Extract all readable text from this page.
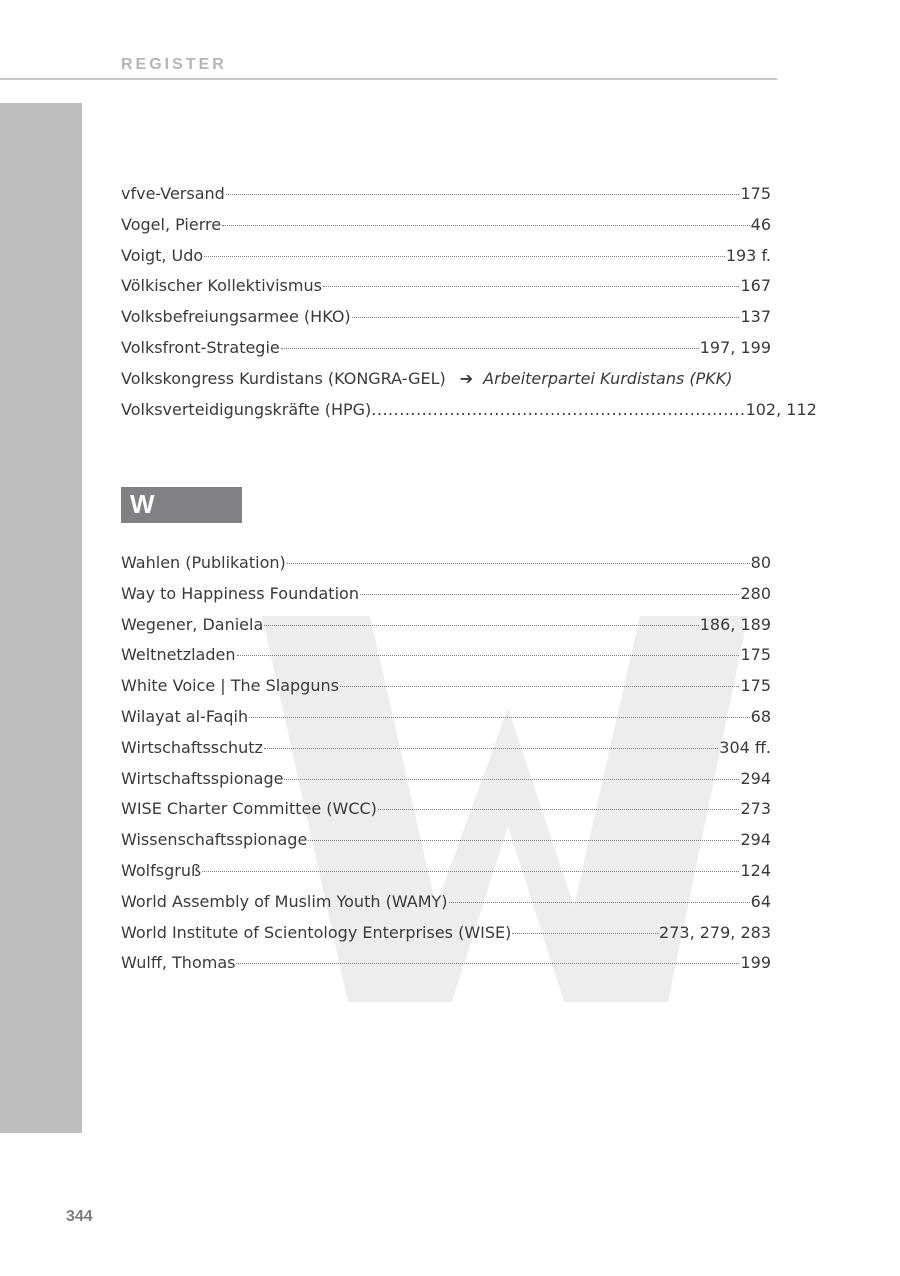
REGISTER
vfve-Versand	175
Vogel, Pierre	46
Voigt, Udo	193 f.
Völkischer Kollektivismus	167
Volksbefreiungsarmee (HKO)	137
Volksfront-Strategie	197, 199
Volkskongress Kurdistans (KONGRA-GEL) ➔ Arbeiterpartei Kurdistans (PKK)
Volksverteidigungskräfte (HPG) ................................................................... 102, 112
W
Wahlen (Publikation)	80
Way to Happiness Foundation	280
Wegener, Daniela	186, 189
Weltnetzladen	175
White Voice | The Slapguns	175
Wilayat al-Faqih	68
Wirtschaftsschutz	304 ff.
Wirtschaftsspionage	294
WISE Charter Committee (WCC)	273
Wissenschaftsspionage	294
Wolfsgruß	124
World Assembly of Muslim Youth (WAMY)	64
World Institute of Scientology Enterprises (WISE)	273, 279, 283
Wulff, Thomas	199
344
